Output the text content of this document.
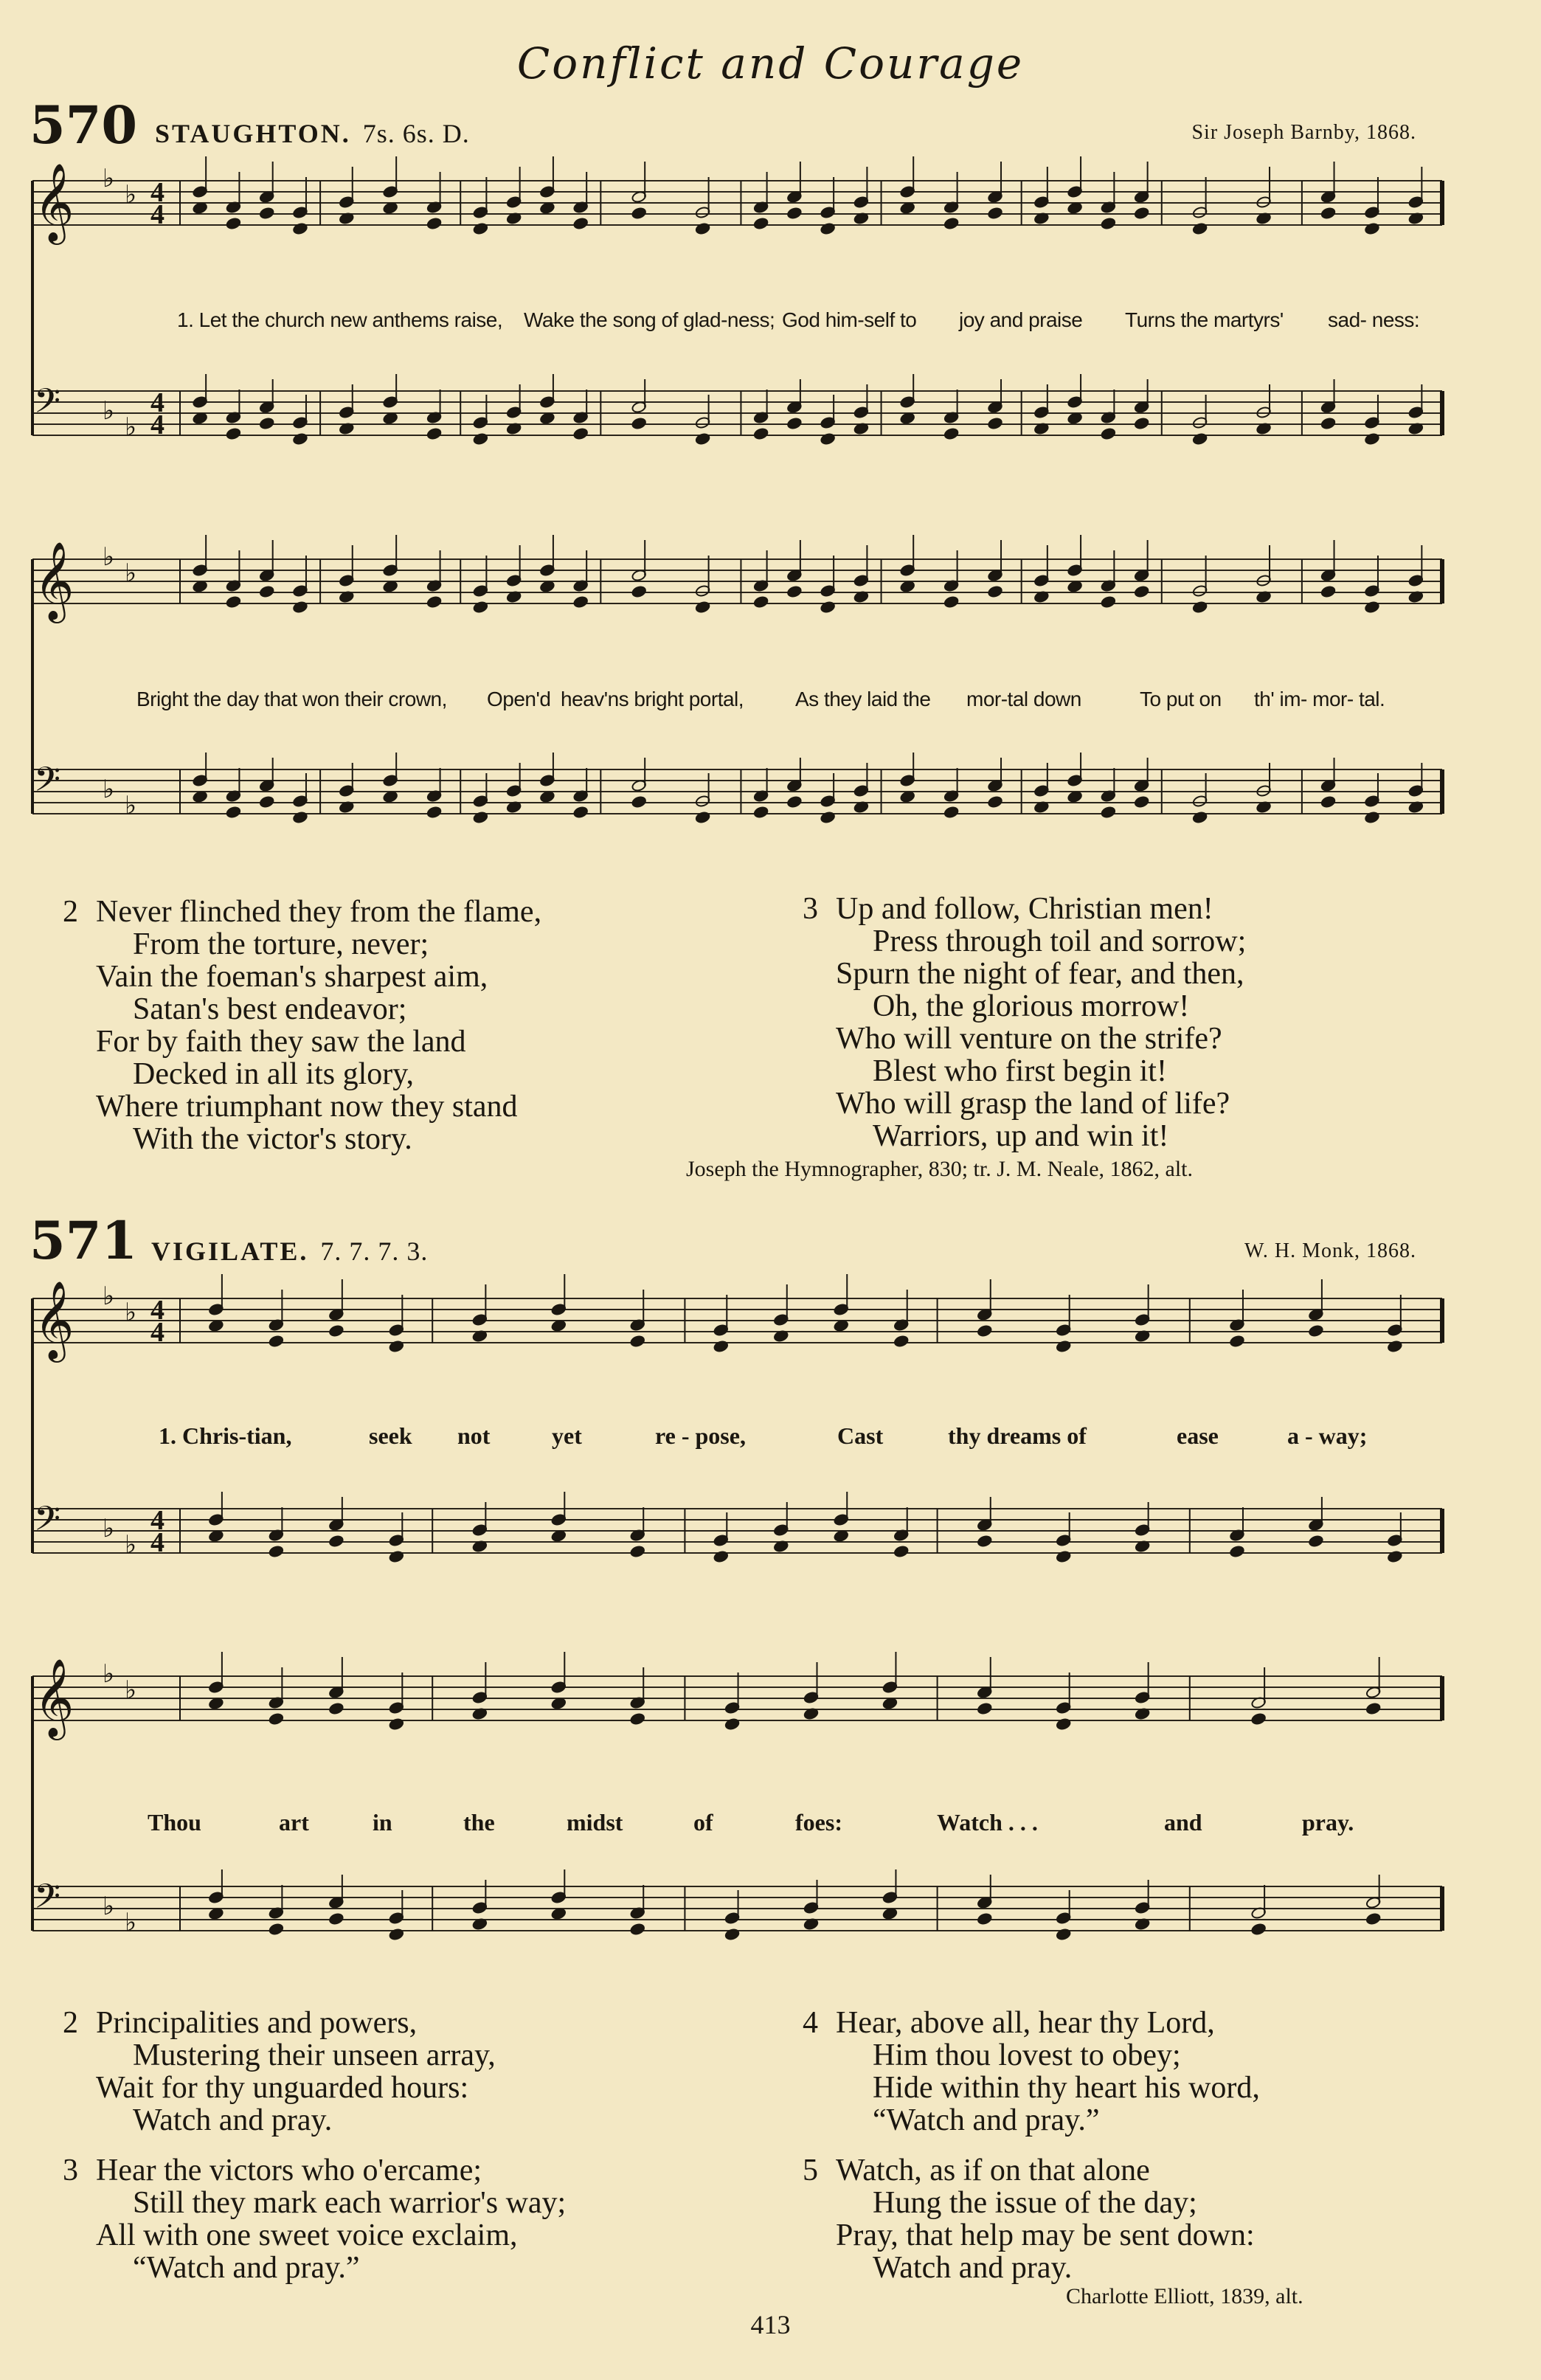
Conflict and Courage
570 STAUGHTON. 7s. 6s. D.	Sir Joseph Barnby, 1868.
𝄞 ♭
♭
𝄢 ♭
♭
4
4
4
4
𝄞 ♭
♭
𝄢 ♭
♭
𝄞 ♭
♭
𝄢 ♭
♭
4
4
4
4
𝄞 ♭
♭
𝄢 ♭
♭
1. Let the church new anthems raise, Wake the song of glad-ness; God him-self to joy and praise Turns the martyrs' sad- ness:
Bright the day that won their crown, Open'd heav'ns bright portal, As they laid the mor-tal down	To put on th' im- mor- tal.
2 Never flinched they from the flame,
From the torture, never;
Vain the foeman's sharpest aim,
Satan's best endeavor;
For by faith they saw the land
Decked in all its glory,
Where triumphant now they stand
With the victor's story.
3 Up and follow, Christian men!
Press through toil and sorrow;
Spurn the night of fear, and then,
Oh, the glorious morrow!
Who will venture on the strife?
Blest who first begin it!
Who will grasp the land of life?
Warriors, up and win it!
Joseph the Hymnographer, 830; tr. J. M. Neale, 1862, alt.
571 VIGILATE. 7. 7. 7. 3.	W. H. Monk, 1868.
1. Chris-tian,	seek not	yet	re - pose,	Cast	thy dreams of	ease	a - way;
Thou	art	in	the	midst	of	foes:	Watch . . .	and	pray.
2 Principalities and powers,
Mustering their unseen array,
Wait for thy unguarded hours:
Watch and pray.
3 Hear the victors who o'ercame;
Still they mark each warrior's way;
All with one sweet voice exclaim,
“Watch and pray.”
4 Hear, above all, hear thy Lord,
Him thou lovest to obey;
Hide within thy heart his word,
“Watch and pray.”
5 Watch, as if on that alone
Hung the issue of the day;
Pray, that help may be sent down:
Watch and pray.
Charlotte Elliott, 1839, alt.
413
